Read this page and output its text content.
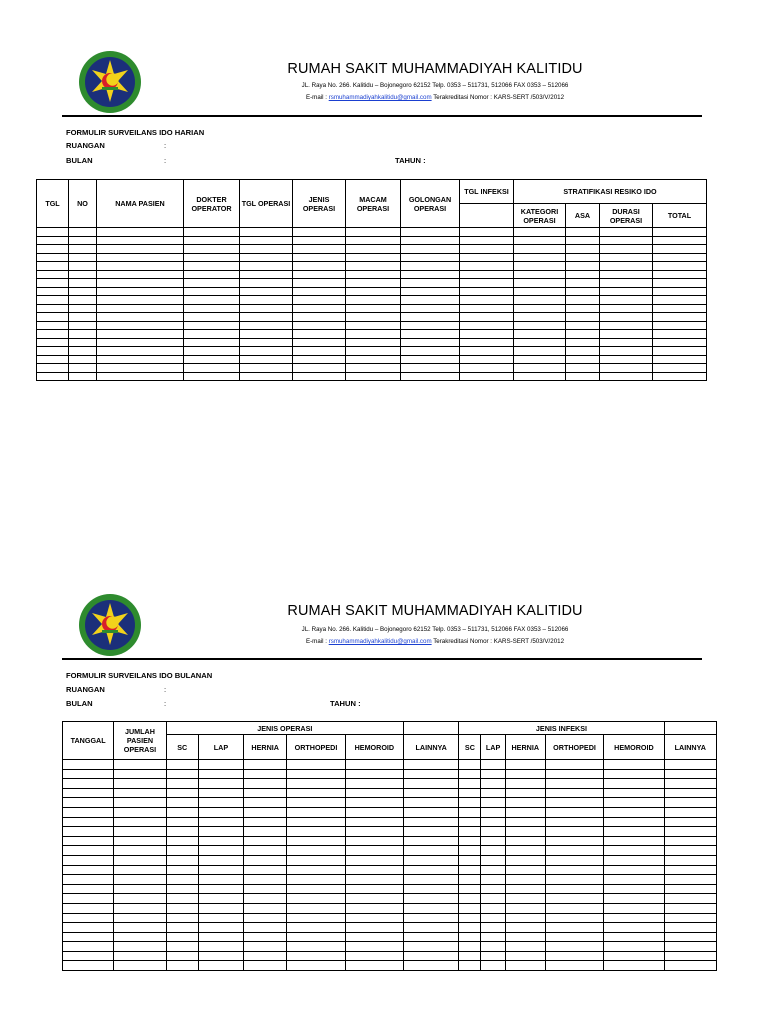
RUMAH SAKIT MUHAMMADIYAH KALITIDU
JL. Raya No. 266. Kalitidu – Bojonegoro 62152 Telp. 0353 – 511731, 512066 FAX 0353 – 512066
E-mail : rsmuhammadiyahkalitidu@gmail.com Terakreditasi Nomor : KARS-SERT /503/V/2012
FORMULIR SURVEILANS IDO HARIAN
RUANGAN	:
BULAN	:	TAHUN :
TGL	NO	NAMA PASIEN	DOKTER OPERATOR	TGL OPERASI	JENIS OPERASI	MACAM OPERASI	GOLONGAN OPERASI	TGL INFEKSI	STRATIFIKASI RESIKO IDO			
									KATEGORI OPERASI	ASA	DURASI OPERASI	TOTAL

RUMAH SAKIT MUHAMMADIYAH KALITIDU
JL. Raya No. 266. Kalitidu – Bojonegoro 62152 Telp. 0353 – 511731, 512066 FAX 0353 – 512066
E-mail : rsmuhammadiyahkalitidu@gmail.com Terakreditasi Nomor : KARS-SERT /503/V/2012
FORMULIR SURVEILANS IDO BULANAN
RUANGAN	:
BULAN	:	TAHUN :
TANGGAL	JUMLAH PASIEN OPERASI	JENIS OPERASI						JENIS INFEKSI					
		SC	LAP	HERNIA	ORTHOPEDI	HEMOROID	LAINNYA	SC	LAP	HERNIA	ORTHOPEDI	HEMOROID	LAINNYA
